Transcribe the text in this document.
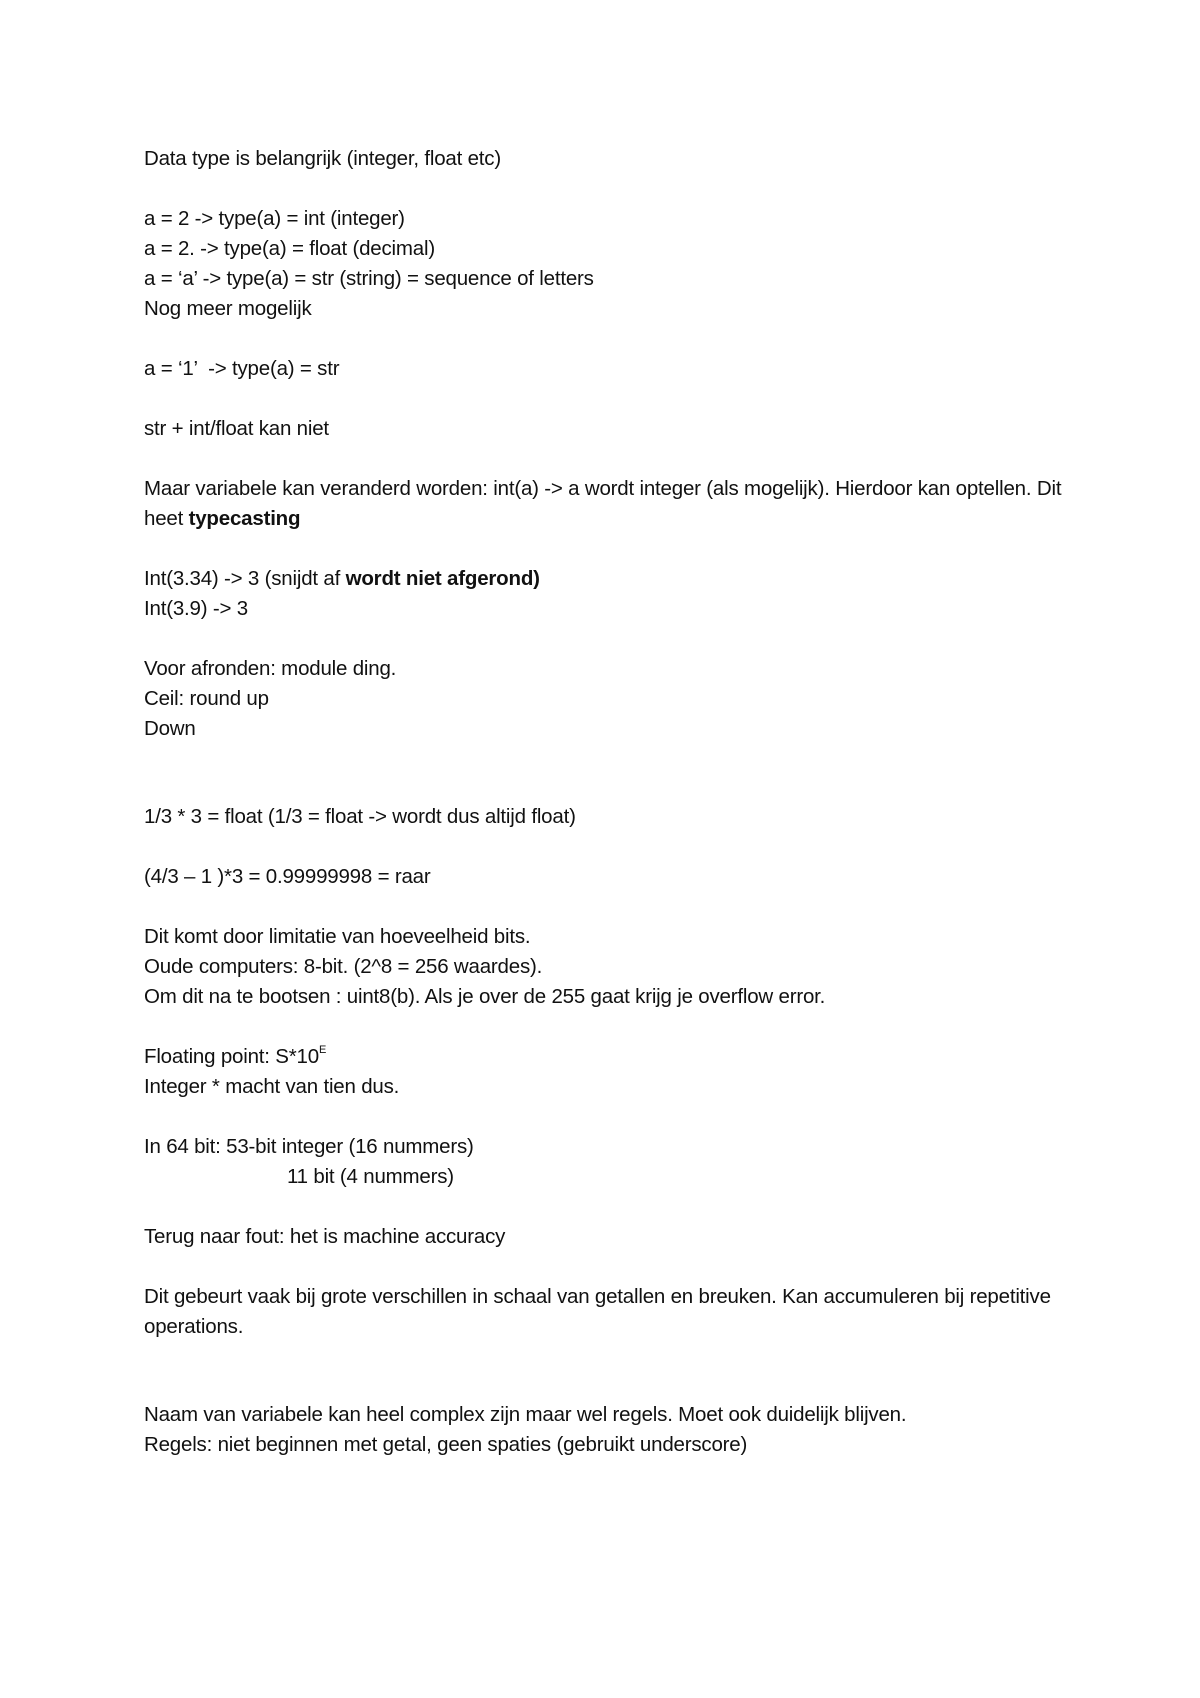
Data type is belangrijk (integer, float etc)
a = 2 -> type(a) = int (integer)
a = 2. -> type(a) = float (decimal)
a = ‘a’ -> type(a) = str (string) = sequence of letters
Nog meer mogelijk
a = ‘1’  -> type(a) = str
str + int/float kan niet
Maar variabele kan veranderd worden: int(a) -> a wordt integer (als mogelijk). Hierdoor kan optellen. Dit heet typecasting
Int(3.34) -> 3 (snijdt af wordt niet afgerond)
Int(3.9) -> 3
Voor afronden: module ding.
Ceil: round up
Down
1/3 * 3 = float (1/3 = float -> wordt dus altijd float)
(4/3 – 1 )*3 = 0.99999998 = raar
Dit komt door limitatie van hoeveelheid bits.
Oude computers: 8-bit. (2^8 = 256 waardes).
Om dit na te bootsen : uint8(b). Als je over de 255 gaat krijg je overflow error.
Floating point: $S*10^E$
Integer * macht van tien dus.
In 64 bit: 53-bit integer (16 nummers)
11 bit (4 nummers)
Terug naar fout: het is machine accuracy
Dit gebeurt vaak bij grote verschillen in schaal van getallen en breuken. Kan accumuleren bij repetitive operations.
Naam van variabele kan heel complex zijn maar wel regels. Moet ook duidelijk blijven.
Regels: niet beginnen met getal, geen spaties (gebruikt underscore)
